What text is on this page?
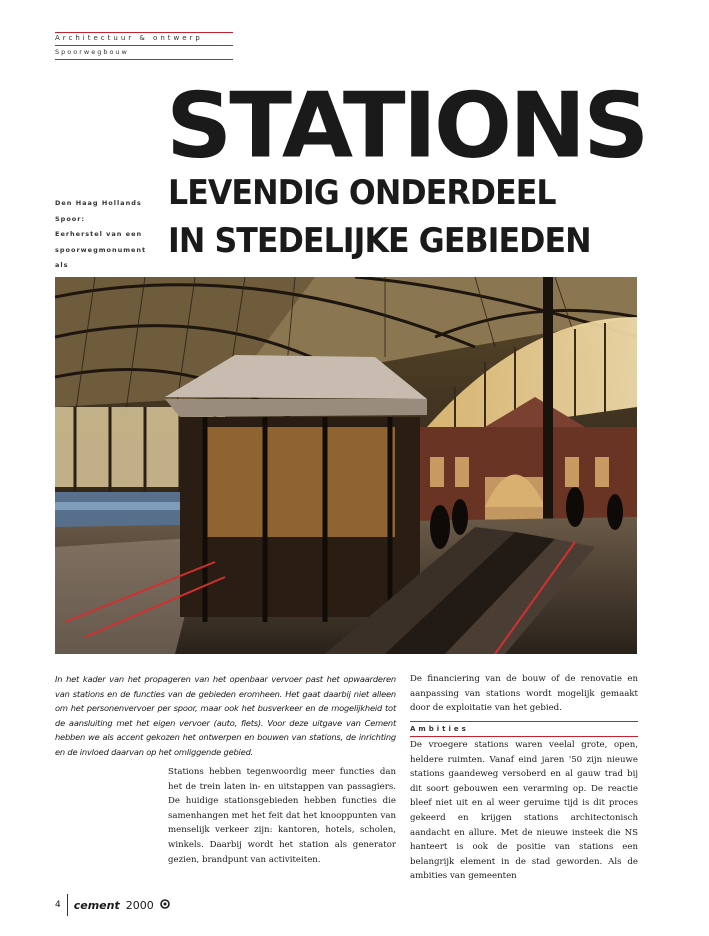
Architectuur & ontwerp
Spoorwegbouw
Den Haag Hollands Spoor:
Eerherstel van een
spoorwegmonument als
STATIONS
LEVENDIG ONDERDEEL
IN STEDELIJKE GEBIEDEN
In het kader van het propageren van het openbaar vervoer past het opwaarderen van stations en de functies van de gebieden eromheen. Het gaat daarbij niet alleen om het personenvervoer per spoor, maar ook het busverkeer en de mogelijkheid tot de aansluiting met het eigen vervoer (auto, fiets). Voor deze uitgave van Cement hebben we als accent gekozen het ontwerpen en bouwen van stations, de inrichting en de invloed daarvan op het omliggende gebied.
Stations hebben tegenwoordig meer functies dan het de trein laten in- en uitstappen van passagiers. De huidige stationsgebieden hebben functies die samenhangen met het feit dat het knooppunten van menselijk verkeer zijn: kantoren, hotels, scholen, winkels. Daarbij wordt het station als generator gezien, brandpunt van activiteiten.
De financiering van de bouw of de renovatie en aanpassing van stations wordt mogelijk gemaakt door de exploitatie van het gebied.
Ambities
De vroegere stations waren veelal grote, open, heldere ruimten. Vanaf eind jaren '50 zijn nieuwe stations gaandeweg versoberd en al gauw trad bij dit soort gebouwen een verarming op. De reactie bleef niet uit en al weer geruime tijd is dit proces gekeerd en krijgen stations architectonisch aandacht en allure. Met de nieuwe insteek die NS hanteert is ook de positie van stations een belangrijk element in de stad geworden. Als de ambities van gemeenten
4 cement 2000
